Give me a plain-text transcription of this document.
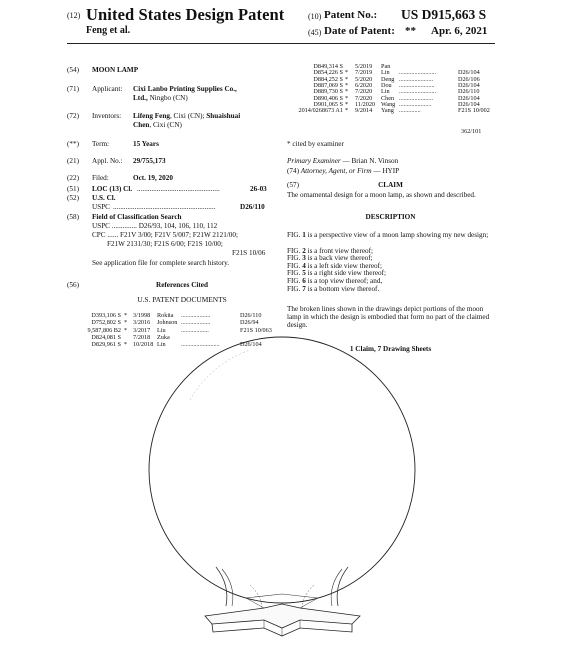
(12) United States Design Patent
Feng et al.
(10) Patent No.: US D915,663 S
(45) Date of Patent: ** Apr. 6, 2021
(54) MOON LAMP
(71) Applicant: Cixi Lanbo Printing Supplies Co.,
Ltd., Ningbo (CN)
(72) Inventors: Lifeng Feng, Cixi (CN); Shuaishuai
Chen, Cixi (CN)
(**) Term:	15 Years
(21) Appl. No.: 29/755,173
(22) Filed:	Oct. 19, 2020
(51) LOC (13) Cl. ..............................................	26-03
(52) U.S. Cl.
USPC .........................................................	D26/110
(58) Field of Classification Search
USPC .............. D26/93, 104, 106, 110, 112
CPC ...... F21V 3/00; F21V 5/007; F21W 2121/00;
F21W 2131/30; F21S 6/00; F21S 10/00;
F21S 10/06
See application file for complete search history.
(56)	References Cited
U.S. PATENT DOCUMENTS
D393,106 S * 3/1998 Rokita ...................	D26/110
D752,802 S * 3/2016 Johnson ...................	D26/94
9,587,806 B2 * 3/2017 Liu ..................	F21S 10/063
D824,081 S 7/2018 Zuka
D829,961 S * 10/2018 Lin .........................	D26/104
D849,314 S 5/2019 Pan
D854,226 S * 7/2019 Lin ........................	D26/104
D884,252 S * 5/2020 Deng ......................	D26/106
D887,069 S * 6/2020 Dou .......................	D26/104
D889,730 S * 7/2020 Lin ........................	D26/110
D890,406 S * 7/2020 Chen ......................	D26/104
D901,065 S * 11/2020 Wang .....................	D26/104
2014/0268673 A1 * 9/2014 Yang ..............	F21S 10/002
362/101
* cited by examiner
Primary Examiner — Brian N. Vinson
(74) Attorney, Agent, or Firm — HYIP
(57)	CLAIM
The ornamental design for a moon lamp, as shown and described.
DESCRIPTION
FIG. 1 is a perspective view of a moon lamp showing my new design;
FIG. 2 is a front view thereof;
FIG. 3 is a back view thereof;
FIG. 4 is a left side view thereof;
FIG. 5 is a right side view thereof;
FIG. 6 is a top view thereof; and,
FIG. 7 is a bottom view thereof.
The broken lines shown in the drawings depict portions of the moon lamp in which the design is embodied that form no part of the claimed design.
1 Claim, 7 Drawing Sheets
